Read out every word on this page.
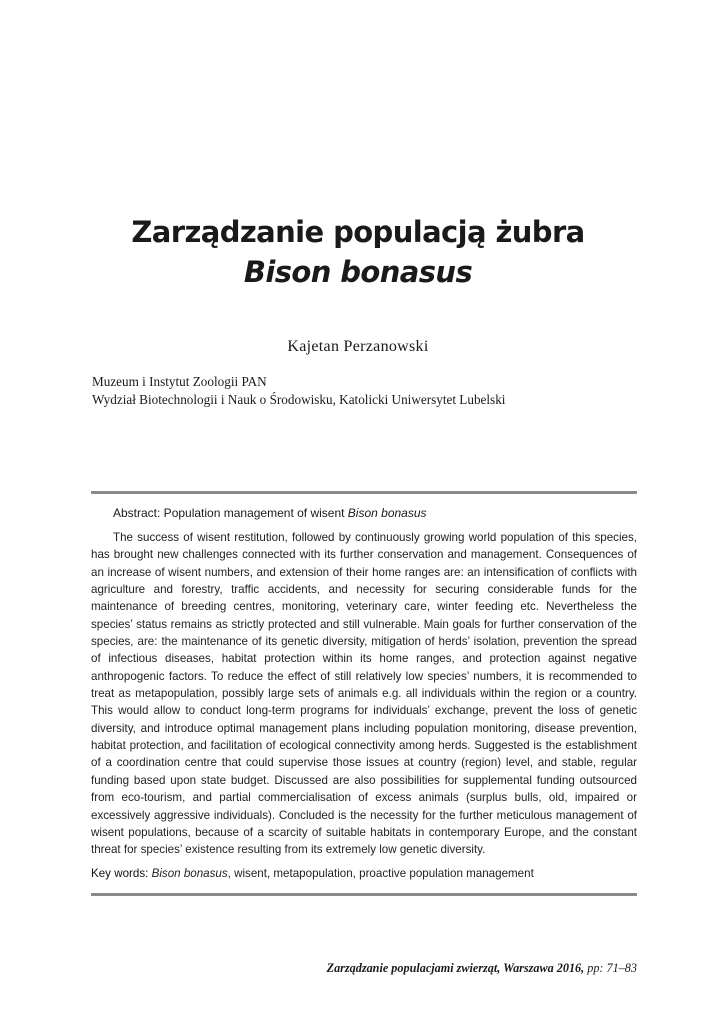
Zarządzanie populacją żubra
Bison bonasus
Kajetan Perzanowski
Muzeum i Instytut Zoologii PAN
Wydział Biotechnologii i Nauk o Środowisku, Katolicki Uniwersytet Lubelski
Abstract: Population management of wisent Bison bonasus
The success of wisent restitution, followed by continuously growing world population of this species, has brought new challenges connected with its further conservation and management. Consequences of an increase of wisent numbers, and extension of their home ranges are: an intensification of conflicts with agriculture and forestry, traffic accidents, and necessity for securing considerable funds for the maintenance of breeding centres, monitoring, veterinary care, winter feeding etc. Nevertheless the species’ status remains as strictly protected and still vulnerable. Main goals for further conservation of the species, are: the maintenance of its genetic diversity, mitigation of herds’ isolation, prevention the spread of infectious diseases, habitat protection within its home ranges, and protection against negative anthropogenic factors. To reduce the effect of still relatively low species’ numbers, it is recommended to treat as metapopulation, possibly large sets of animals e.g. all individuals within the region or a country. This would allow to conduct long-term programs for individuals’ exchange, prevent the loss of genetic diversity, and introduce optimal management plans including population monitoring, disease prevention, habitat protection, and facilitation of ecological connectivity among herds. Suggested is the establishment of a coordination centre that could supervise those issues at country (region) level, and stable, regular funding based upon state budget. Discussed are also possibilities for supplemental funding outsourced from eco-tourism, and partial commercialisation of excess animals (surplus bulls, old, impaired or excessively aggressive individuals). Concluded is the necessity for the further meticulous management of wisent populations, because of a scarcity of suitable habitats in contemporary Europe, and the constant threat for species’ existence resulting from its extremely low genetic diversity.
Key words: Bison bonasus, wisent, metapopulation, proactive population management
Zarządzanie populacjami zwierząt, Warszawa 2016, pp: 71–83
